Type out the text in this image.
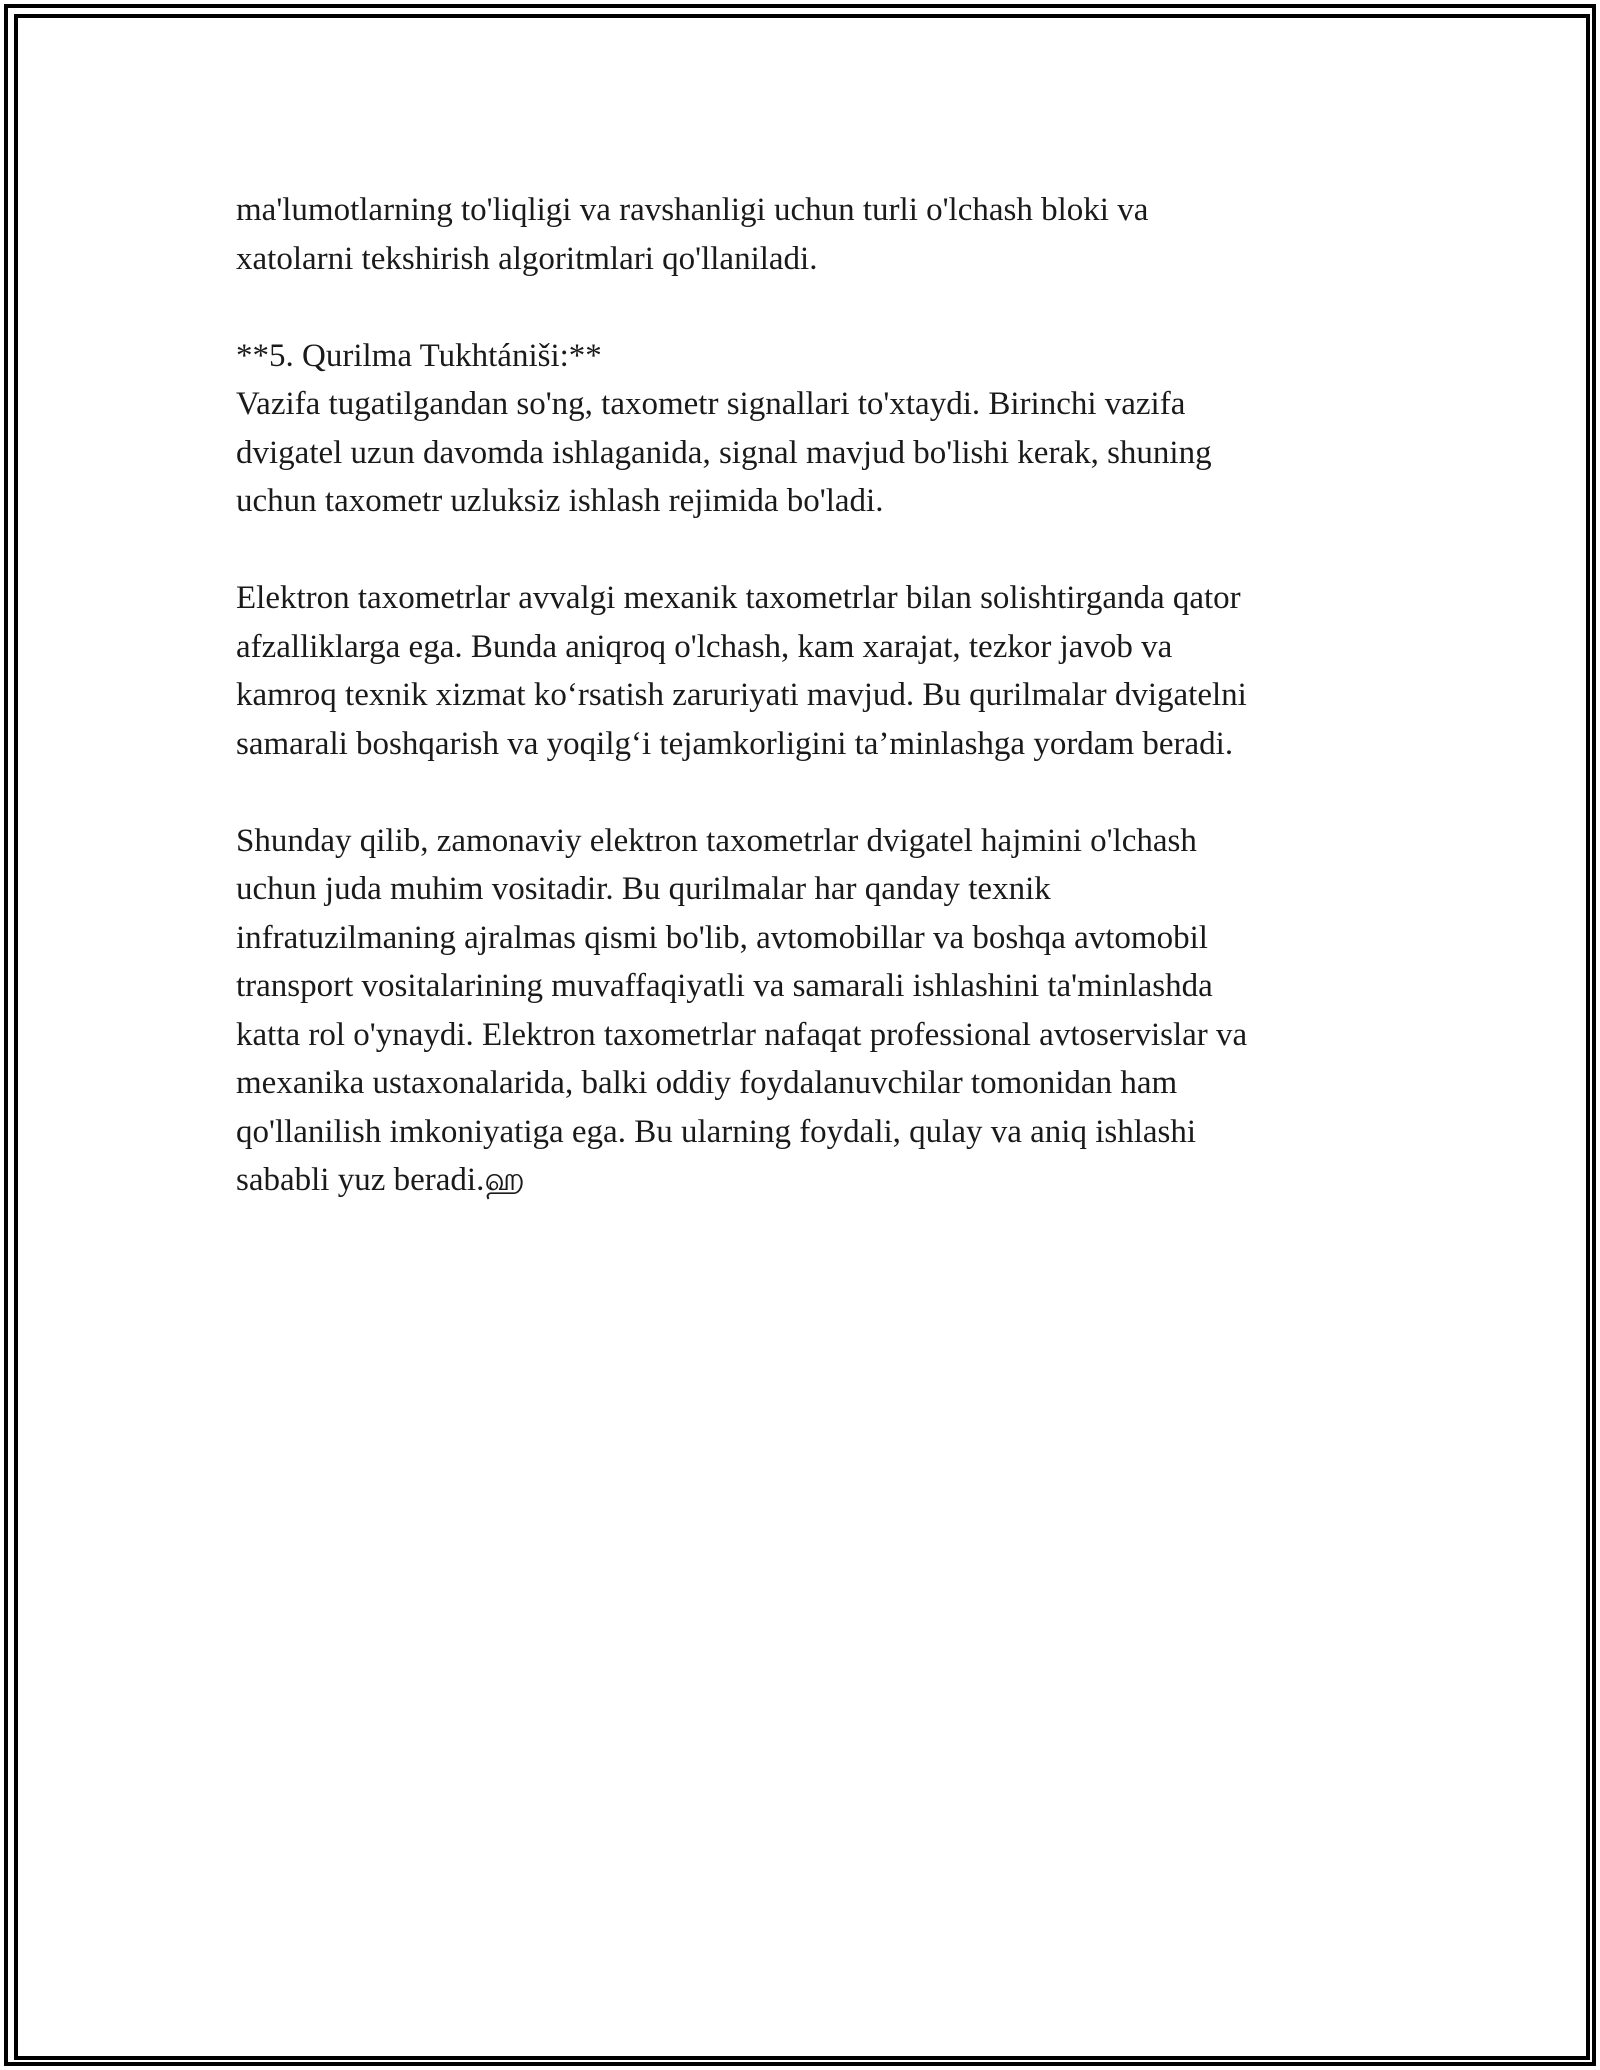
ma'lumotlarning to'liqligi va ravshanligi uchun turli o'lchash bloki va
xatolarni tekshirish algoritmlari qo'llaniladi.

**5. Qurilma Tukhtániši:**

Vazifa tugatilgandan so'ng, taxometr signallari to'xtaydi. Birinchi vazifa
dvigatel uzun davomda ishlaganida, signal mavjud bo'lishi kerak, shuning
uchun taxometr uzluksiz ishlash rejimida bo'ladi.

Elektron taxometrlar avvalgi mexanik taxometrlar bilan solishtirganda qator
afzalliklarga ega. Bunda aniqroq o'lchash, kam xarajat, tezkor javob va
kamroq texnik xizmat ko‘rsatish zaruriyati mavjud. Bu qurilmalar dvigatelni
samarali boshqarish va yoqilg‘i tejamkorligini ta’minlashga yordam beradi.

Shunday qilib, zamonaviy elektron taxometrlar dvigatel hajmini o'lchash
uchun juda muhim vositadir. Bu qurilmalar har qanday texnik
infratuzilmaning ajralmas qismi bo'lib, avtomobillar va boshqa avtomobil
transport vositalarining muvaffaqiyatli va samarali ishlashini ta'minlashda
katta rol o'ynaydi. Elektron taxometrlar nafaqat professional avtoservislar va
mexanika ustaxonalarida, balki oddiy foydalanuvchilar tomonidan ham
qo'llanilish imkoniyatiga ega. Bu ularning foydali, qulay va aniq ishlashi
sababli yuz beradi.ஹ
